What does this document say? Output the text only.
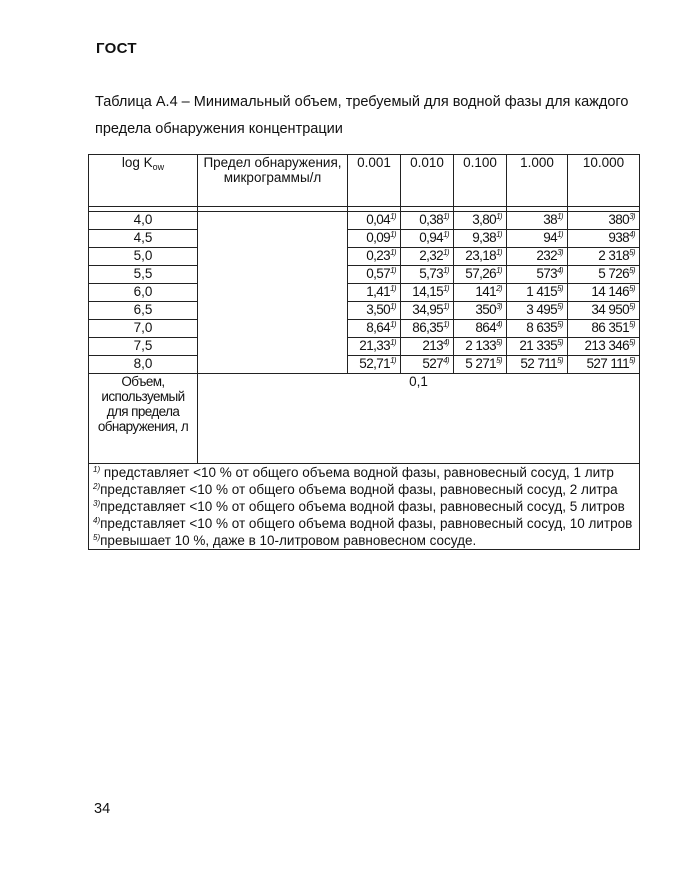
ГОСТ
Таблица А.4 – Минимальный объем, требуемый для водной фазы для каждого предела обнаружения концентрации
$\log K_{ow}$	Предел обнаружения, микрограммы/л	0.001	0.010	0.100	1.000	10.000

4,0		0,04$^{1)}$	0,38$^{1)}$	3,80$^{1)}$	38$^{1)}$	380$^{3)}$
4,5		0,09$^{1)}$	0,94$^{1)}$	9,38$^{1)}$	94$^{1)}$	938$^{4)}$
5,0		0,23$^{1)}$	2,32$^{1)}$	23,18$^{1)}$	232$^{3)}$	2 318$^{5)}$
5,5		0,57$^{1)}$	5,73$^{1)}$	57,26$^{1)}$	573$^{4)}$	5 726$^{5)}$
6,0		1,41$^{1)}$	14,15$^{1)}$	141$^{2)}$	1 415$^{5)}$	14 146$^{5)}$
6,5		3,50$^{1)}$	34,95$^{1)}$	350$^{3)}$	3 495$^{5)}$	34 950$^{5)}$
7,0		8,64$^{1)}$	86,35$^{1)}$	864$^{4)}$	8 635$^{5)}$	86 351$^{5)}$
7,5		21,33$^{1)}$	213$^{4)}$	2 133$^{5)}$	21 335$^{5)}$	213 346$^{5)}$
8,0		52,71$^{1)}$	527$^{4)}$	5 271$^{5)}$	52 711$^{5)}$	527 111$^{5)}$
Объем, используемый для предела обнаружения, л	0,1					

$^{1)}$ представляет <10 % от общего объема водной фазы, равновесный сосуд, 1 литр

$^{2)}$представляет <10 % от общего объема водной фазы, равновесный сосуд, 2 литра

$^{3)}$представляет <10 % от общего объема водной фазы, равновесный сосуд, 5 литров

$^{4)}$представляет <10 % от общего объема водной фазы, равновесный сосуд, 10 литров

$^{5)}$превышает 10 %, даже в 10-литровом равновесном сосуде.						

34
